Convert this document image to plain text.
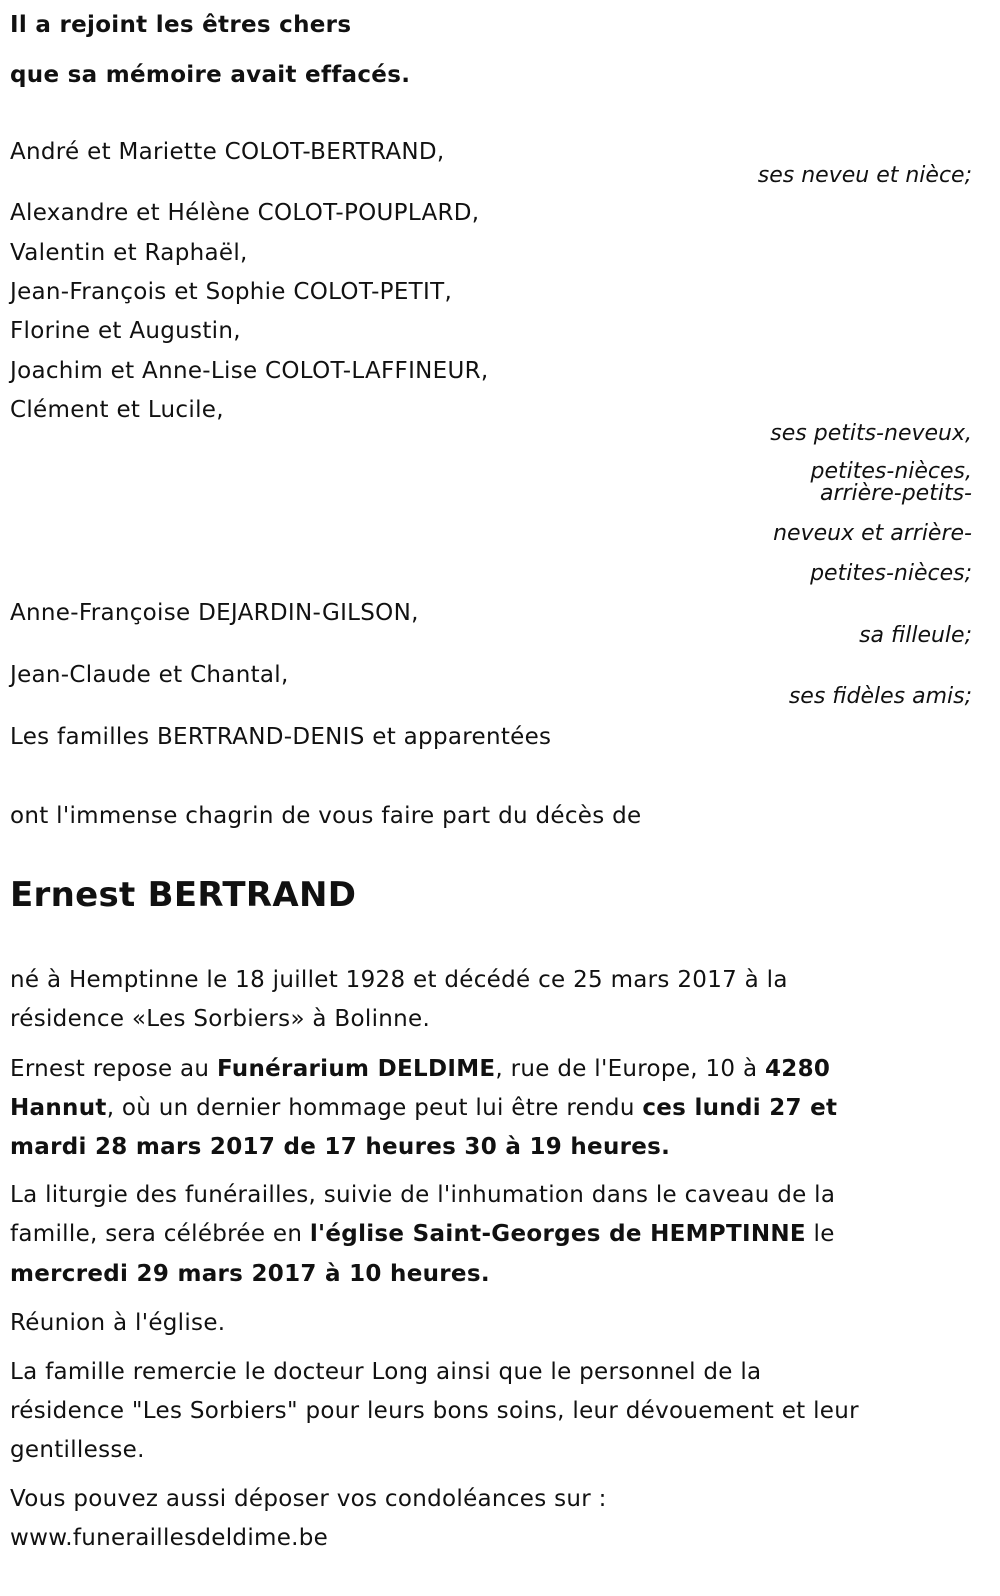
Il a rejoint les êtres chers
que sa mémoire avait effacés.
André et Mariette COLOT-BERTRAND,
ses neveu et nièce;
Alexandre et Hélène COLOT-POUPLARD,
Valentin et Raphaël,
Jean-François et Sophie COLOT-PETIT,
Florine et Augustin,
Joachim et Anne-Lise COLOT-LAFFINEUR,
Clément et Lucile,
ses petits-neveux,
petites-nièces,
arrière-petits-
neveux et arrière-
petites-nièces;
Anne-Françoise DEJARDIN-GILSON,
sa filleule;
Jean-Claude et Chantal,
ses fidèles amis;
Les familles BERTRAND-DENIS et apparentées
ont l'immense chagrin de vous faire part du décès de
Ernest BERTRAND
né à Hemptinne le 18 juillet 1928 et décédé ce 25 mars 2017 à la
résidence «Les Sorbiers» à Bolinne.
Ernest repose au Funérarium DELDIME, rue de l'Europe, 10 à 4280
Hannut, où un dernier hommage peut lui être rendu ces lundi 27 et
mardi 28 mars 2017 de 17 heures 30 à 19 heures.
La liturgie des funérailles, suivie de l'inhumation dans le caveau de la
famille, sera célébrée en l'église Saint-Georges de HEMPTINNE le
mercredi 29 mars 2017 à 10 heures.
Réunion à l'église.
La famille remercie le docteur Long ainsi que le personnel de la
résidence "Les Sorbiers" pour leurs bons soins, leur dévouement et leur
gentillesse.
Vous pouvez aussi déposer vos condoléances sur :
www.funeraillesdeldime.be
